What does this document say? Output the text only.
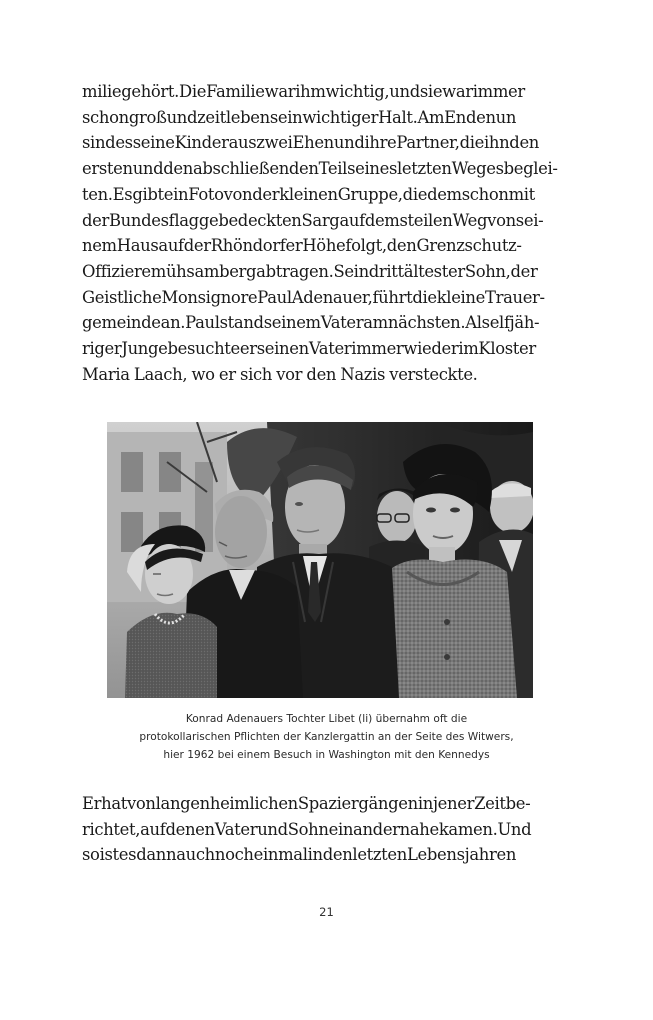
miliegehört.DieFamiliewarihmwichtig,undsiewarimmer
schongroßundzeitlebenseinwichtigerHalt.AmEndenun
sindesseineKinderauszweiEhenundihrePartner,dieihnden
erstenunddenabschließendenTeilseinesletztenWegesbeglei-
ten.EsgibteinFotovonderkleinenGruppe,diedemschonmit
derBundesflaggebedecktenSargaufdemsteilenWegvonsei-
nemHausaufderRhöndorferHöhefolgt,denGrenzschutz-
Offizieremühsambergabtragen.SeindrittältesterSohn,der
GeistlicheMonsignorePaulAdenauer,führtdiekleineTrauer-
gemeindean.PaulstandseinemVateramnächsten.Alselfjäh-
rigerJungebesuchteerseinenVaterimmerwiederimKloster
Maria Laach, wo er sich vor den Nazis versteckte.

Konrad Adenauers Tochter Libet (li) übernahm oft die
protokollarischen Pflichten der Kanzlergattin an der Seite des Witwers,
hier 1962 bei einem Besuch in Washington mit den Kennedys

ErhatvonlangenheimlichenSpaziergängeninjenerZeitbe-
richtet,aufdenenVaterundSohneinandernahekamen.Und
soistesdannauchnocheinmalindenletztenLebensjahren
21
